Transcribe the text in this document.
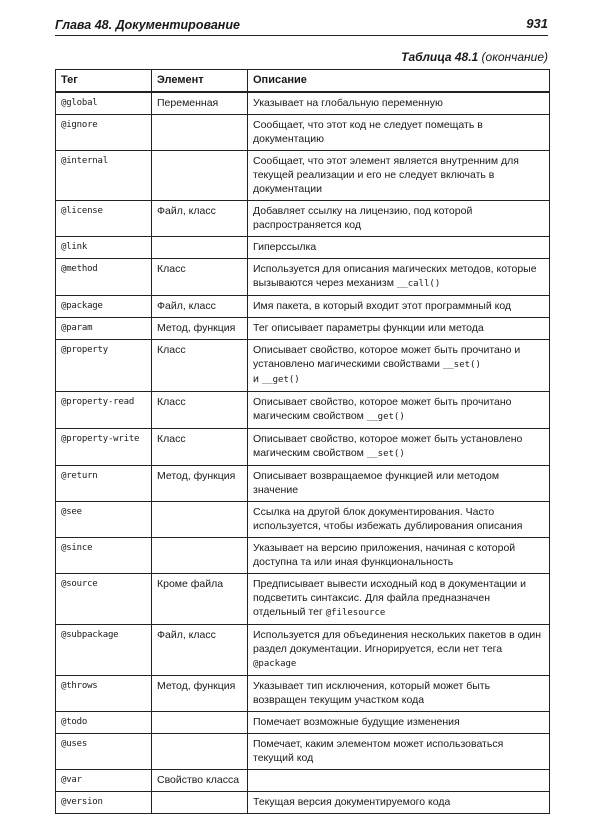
Глава 48. Документирование	931
Таблица 48.1 (окончание)
Тег	Элемент	Описание
@global	Переменная	Указывает на глобальную переменную
@ignore		Сообщает, что этот код не следует помещать в документацию
@internal		Сообщает, что этот элемент является внутренним для текущей реализации и его не следует включать в документации
@license	Файл, класс	Добавляет ссылку на лицензию, под которой распространяется код
@link		Гиперссылка
@method	Класс	Используется для описания магических методов, которые вызываются через механизм __call()
@package	Файл, класс	Имя пакета, в который входит этот программный код
@param	Метод, функция	Тег описывает параметры функции или метода
@property	Класс	Описывает свойство, которое может быть прочитано и установлено магическими свойствами __set()
и __get()
@property-read	Класс	Описывает свойство, которое может быть прочитано магическим свойством __get()
@property-write	Класс	Описывает свойство, которое может быть установлено магическим свойством __set()
@return	Метод, функция	Описывает возвращаемое функцией или методом значение
@see		Ссылка на другой блок документирования. Часто используется, чтобы избежать дублирования описания
@since		Указывает на версию приложения, начиная с которой доступна та или иная функциональность
@source	Кроме файла	Предписывает вывести исходный код в документации и подсветить синтаксис. Для файла предназначен отдельный тег @filesource
@subpackage	Файл, класс	Используется для объединения нескольких пакетов в один раздел документации. Игнорируется, если нет тега @package
@throws	Метод, функция	Указывает тип исключения, который может быть возвращен текущим участком кода
@todo		Помечает возможные будущие изменения
@uses		Помечает, каким элементом может использоваться текущий код
@var	Свойство класса	
@version		Текущая версия документируемого кода
